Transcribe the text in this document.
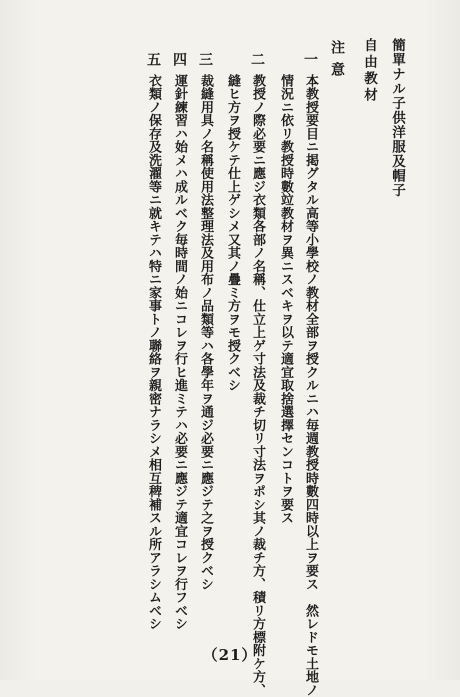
簡單ナル子供洋服及帽子
自由教材
注意
一
本教授要目ニ掲グタル高等小學校ノ教材全部ヲ授クルニハ毎週教授時數四時以上ヲ要ス　然レドモ土地ノ
情況ニ依リ教授時數竝教材ヲ異ニスベキヲ以テ適宜取捨選擇センコトヲ要ス
二
教授ノ際必要ニ應ジ衣類各部ノ名稱、仕立上ゲ寸法及裁チ切リ寸法ヲポシ其ノ裁チ方、積リ方標附ケ方、
縫ヒ方ヲ授ケテ仕上ゲシメ又其ノ疊ミ方ヲモ授クベシ
三
裁縫用具ノ名稱使用法整理法及用布ノ品類等ハ各學年ヲ通ジ必要ニ應ジテ之ヲ授クベシ
四
運針練習ハ始メハ成ルベク毎時間ノ始ニコレヲ行ヒ進ミテハ必要ニ應ジテ適宜コレヲ行フベシ
五
衣類ノ保存及洗濯等ニ就キテハ特ニ家事トノ聯絡ヲ親密ナラシメ相互稗補スル所アラシムベシ
（21）
